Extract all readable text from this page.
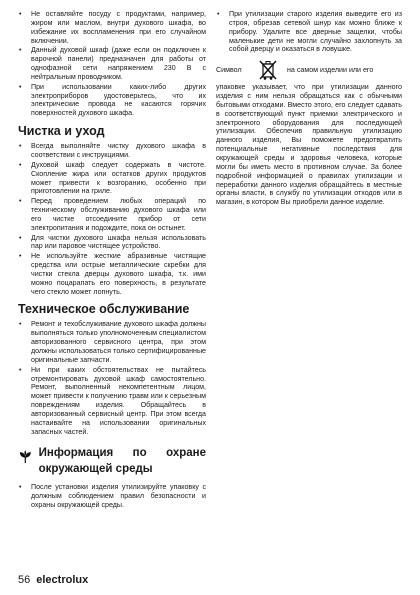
• Не оставляйте посуду с продуктами, например, жиром или маслом, внутри духового шкафа, во избежание их воспламенения при его случайном включении.
• Данный духовой шкаф (даже если он подключен к варочной панели) предназначен для работы от однофазной сети напряжением 230 В с нейтральным проводником.
• При использовании каких-либо других электроприборов удостоверьтесь, что их электрические провода не касаются горячих поверхностей духового шкафа.
Чистка и уход
• Всегда выполняйте чистку духового шкафа в соответствии с инструкциями.
• Духовой шкаф следует содержать в чистоте. Скопление жира или остатков других продуктов может привести к возгоранию, особенно при приготовлении на гриле.
• Перед проведением любых операций по техническому обслуживанию духового шкафа или его чистке отсоедините прибор от сети электропитания и подождите, пока он остынет.
• Для чистки духового шкафа нельзя использовать пар или паровое чистящее устройство.
• Не используйте жесткие абразивные чистящие средства или острые металлические скребки для чистки стекла дверцы духового шкафа, т.к. ими можно поцарапать его поверхность, в результате чего стекло может лопнуть.
Техническое обслуживание
• Ремонт и техобслуживание духового шкафа должны выполняться только уполномоченным специалистом авторизованного сервисного центра, при этом должны использоваться только сертифицированные оригинальные запчасти.
• Ни при каких обстоятельствах не пытайтесь отремонтировать духовой шкаф самостоятельно. Ремонт, выполненный некомпетентным лицом, может привести к получению травм или к серьезным повреждениям изделия. Обращайтесь в авторизованный сервисный центр. При этом всегда настаивайте на использовании оригинальных запасных частей.
Информация по охране окружающей среды
• После установки изделия утилизируйте упаковку с должным соблюдением правил безопасности и охраны окружающей среды.
• При утилизации старого изделия выведите его из строя, обрезав сетевой шнур как можно ближе к прибору. Удалите все дверные защелки, чтобы маленькие дети не могли случайно захлопнуть за собой дверцу и оказаться в ловушке.
Символ	на самом изделии или его

упаковке указывает, что при утилизации данного изделия с ним нельзя обращаться как с обычными бытовыми отходами. Вместо этого, его следует сдавать в соответствующий пункт приемки электрического и электронного оборудования для последующей утилизации. Обеспечив правильную утилизацию данного изделия, Вы поможете предотвратить потенциальные негативные последствия для окружающей среды и здоровья человека, которые могли бы иметь место в противном случае. За более подробной информацией о правилах утилизации и переработки данного изделия обращайтесь в местные органы власти, в службу по утилизации отходов или в магазин, в котором Вы приобрели данное изделие.

56 electrolux
